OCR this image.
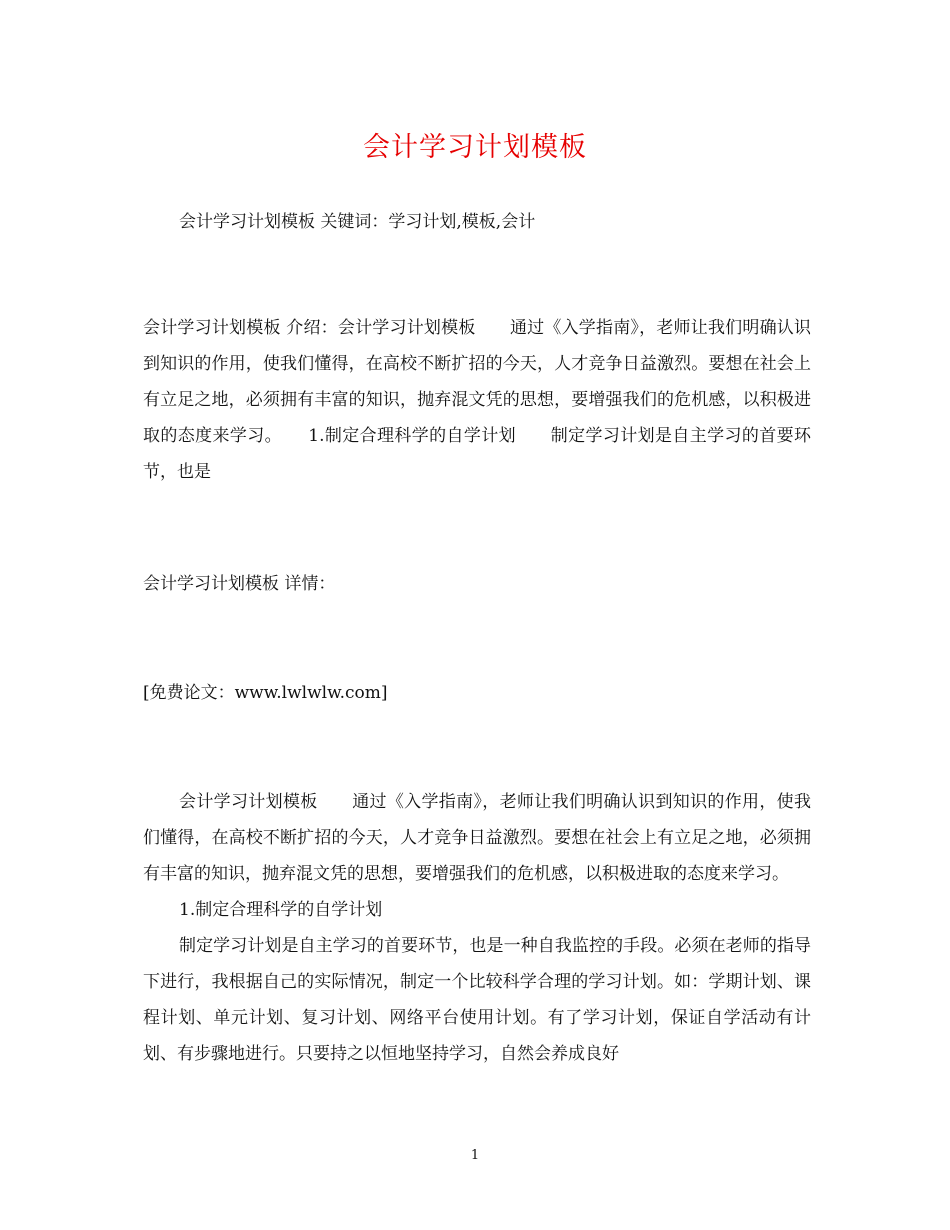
会计学习计划模板

会计学习计划模板 关键词：学习计划,模板,会计

会计学习计划模板 介绍：会计学习计划模板　　通过《入学指南》，老师让我们明确认识到知识的作用，使我们懂得，在高校不断扩招的今天，人才竞争日益激烈。要想在社会上有立足之地，必须拥有丰富的知识，抛弃混文凭的思想，要增强我们的危机感，以积极进取的态度来学习。　　1.制定合理科学的自学计划　　制定学习计划是自主学习的首要环节，也是

会计学习计划模板 详情：

[免费论文：www.lwlwlw.com]

会计学习计划模板　　通过《入学指南》，老师让我们明确认识到知识的作用，使我们懂得，在高校不断扩招的今天，人才竞争日益激烈。要想在社会上有立足之地，必须拥有丰富的知识，抛弃混文凭的思想，要增强我们的危机感，以积极进取的态度来学习。

1.制定合理科学的自学计划

制定学习计划是自主学习的首要环节，也是一种自我监控的手段。必须在老师的指导下进行，我根据自己的实际情况，制定一个比较科学合理的学习计划。如：学期计划、课程计划、单元计划、复习计划、网络平台使用计划。有了学习计划，保证自学活动有计划、有步骤地进行。只要持之以恒地坚持学习，自然会养成良好

1
